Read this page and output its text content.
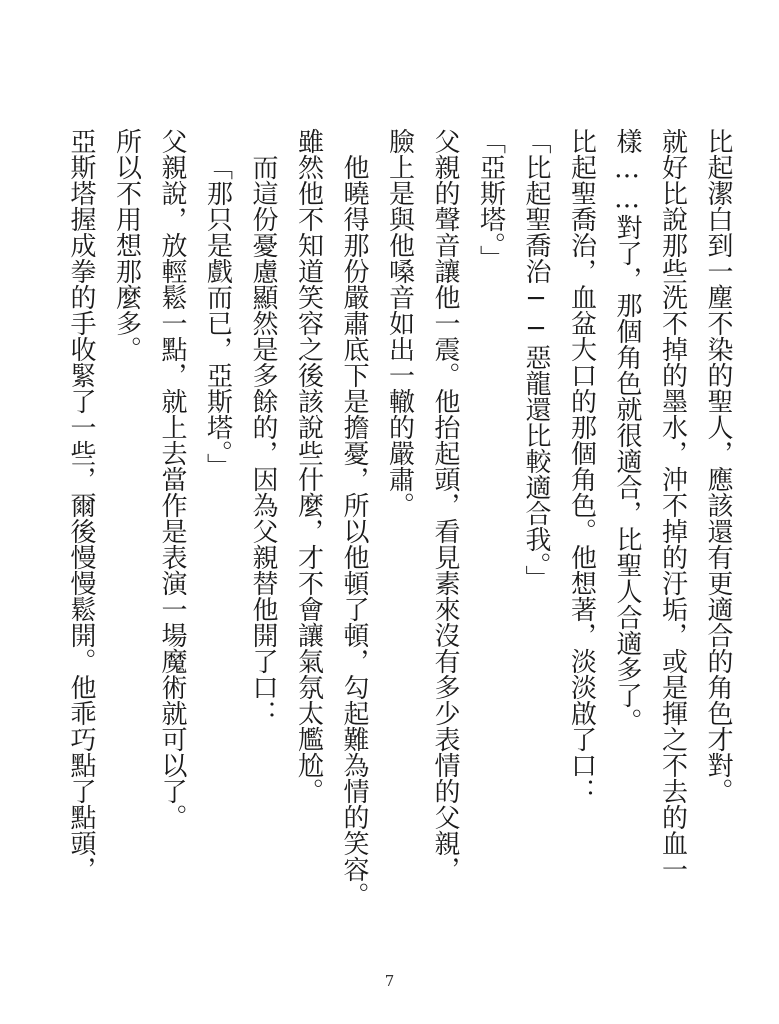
比起潔白到一塵不染的聖人，應該還有更適合的角色才對。
就好比說那些洗不掉的墨水，沖不掉的汙垢，或是揮之不去的血一
樣……對了，那個角色就很適合，比聖人合適多了。
比起聖喬治，血盆大口的那個角色。他想著，淡淡啟了口：
「比起聖喬治──惡龍還比較適合我。」
「亞斯塔。」
父親的聲音讓他一震。他抬起頭，看見素來沒有多少表情的父親，
臉上是與他嗓音如出一轍的嚴肅。
他曉得那份嚴肅底下是擔憂，所以他頓了頓，勾起難為情的笑容。
雖然他不知道笑容之後該說些什麼，才不會讓氣氛太尷尬。
而這份憂慮顯然是多餘的，因為父親替他開了口：
「那只是戲而已，亞斯塔。」
父親說，放輕鬆一點，就上去當作是表演一場魔術就可以了。
所以不用想那麼多。
亞斯塔握成拳的手收緊了一些，爾後慢慢鬆開。他乖巧點了點頭，
7
